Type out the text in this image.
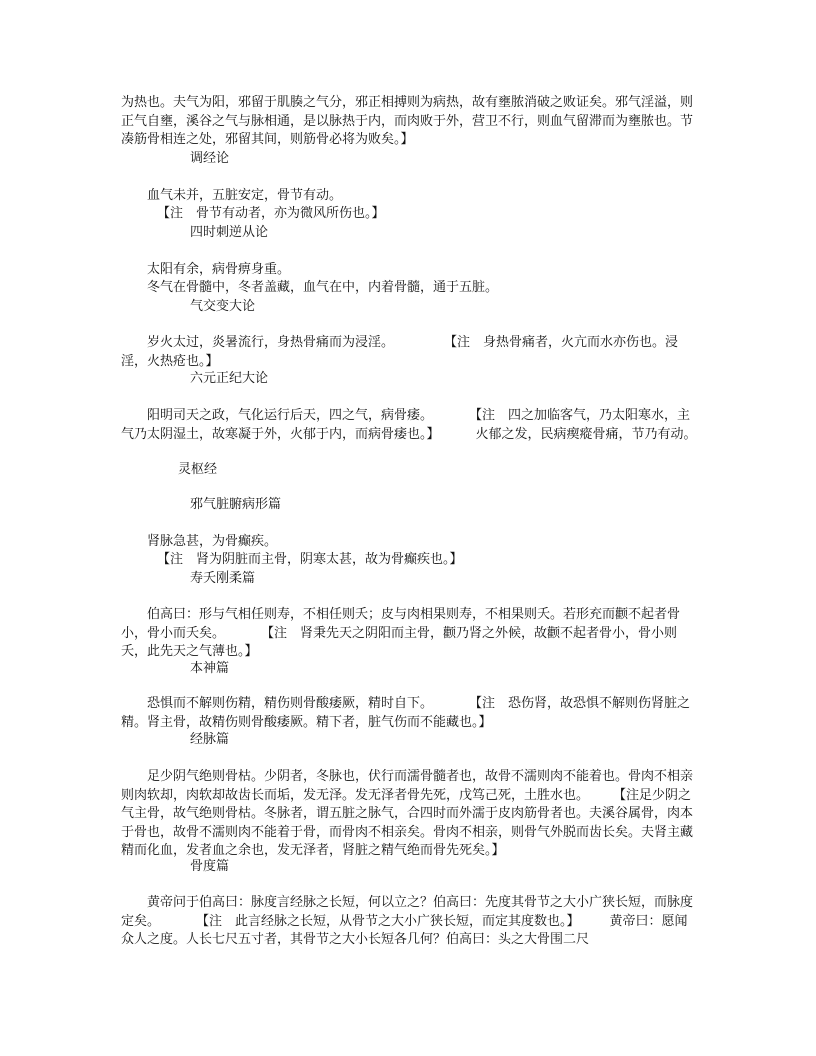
为热也。夫气为阳，邪留于肌腠之气分，邪正相搏则为病热，故有壅脓消破之败证矣。邪气淫溢，则正气自壅，溪谷之气与脉相通，是以脉热于内，而肉败于外，营卫不行，则血气留滞而为壅脓也。节凑筋骨相连之处，邪留其间，则筋骨必将为败矣。】

调经论
血气未并，五脏安定，骨节有动。
【注　骨节有动者，亦为微风所伤也。】
四时刺逆从论
太阳有余，病骨痹身重。
冬气在骨髓中，冬者盖藏，血气在中，内着骨髓，通于五脏。
气交变大论

岁火太过，炎暑流行，身热骨痛而为浸淫。	【注　身热骨痛者，火亢而水亦伤也。浸淫，火热疮也。】

六元正纪大论

阳明司天之政，气化运行后天，四之气，病骨痿。	【注　四之加临客气，乃太阳寒水，主气乃太阴湿土，故寒凝于外，火郁于内，而病骨痿也。】	火郁之发，民病瘈瘲骨痛，节乃有动。

灵枢经
邪气脏腑病形篇
肾脉急甚，为骨癫疾。
【注　肾为阴脏而主骨，阴寒太甚，故为骨癫疾也。】
寿夭刚柔篇

伯高曰：形与气相任则寿，不相任则夭；皮与肉相果则寿，不相果则夭。若形充而颧不起者骨小，骨小而夭矣。	【注　肾秉先天之阴阳而主骨，颧乃肾之外候，故颧不起者骨小，骨小则夭，此先天之气薄也。】

本神篇

恐惧而不解则伤精，精伤则骨酸痿厥，精时自下。	【注　恐伤肾，故恐惧不解则伤肾脏之精。肾主骨，故精伤则骨酸痿厥。精下者，脏气伤而不能藏也。】

经脉篇

足少阴气绝则骨枯。少阴者，冬脉也，伏行而濡骨髓者也，故骨不濡则肉不能着也。骨肉不相亲则肉软却，肉软却故齿长而垢，发无泽。发无泽者骨先死，戊笃己死，土胜水也。 【注足少阴之气主骨，故气绝则骨枯。冬脉者，谓五脏之脉气，合四时而外濡于皮肉筋骨者也。夫溪谷属骨，肉本于骨也，故骨不濡则肉不能着于骨，而骨肉不相亲矣。骨肉不相亲，则骨气外脱而齿长矣。夫肾主藏精而化血，发者血之余也，发无泽者，肾脏之精气绝而骨先死矣。】

骨度篇

黄帝问于伯高曰：脉度言经脉之长短，何以立之？伯高曰：先度其骨节之大小广狭长短，而脉度定矣。	【注　此言经脉之长短，从骨节之大小广狭长短，而定其度数也。】 黄帝曰：愿闻众人之度。人长七尺五寸者，其骨节之大小长短各几何？伯高曰：头之大骨围二尺
